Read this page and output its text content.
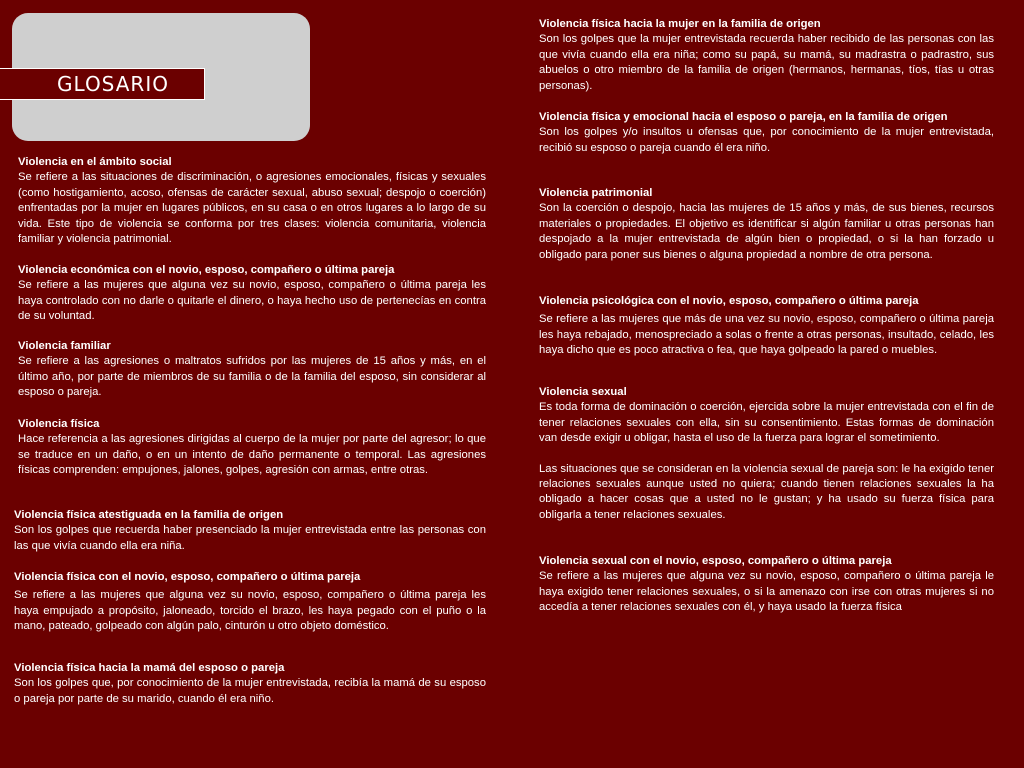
GLOSARIO
Violencia en el ámbito social
Se refiere a las situaciones de discriminación, o agresiones emocionales, físicas y sexuales (como hostigamiento, acoso, ofensas de carácter sexual, abuso sexual; despojo o coerción) enfrentadas por la mujer en lugares públicos, en su casa o en otros lugares a lo largo de su vida. Este tipo de violencia se conforma por tres clases: violencia comunitaria, violencia familiar y violencia patrimonial.
Violencia económica con el novio, esposo, compañero o última pareja
Se refiere a las mujeres que alguna vez su novio, esposo, compañero o última pareja les haya controlado con no darle o quitarle el dinero, o haya hecho uso de pertenecías en contra de su voluntad.
Violencia familiar
Se refiere a las agresiones o maltratos sufridos por las mujeres de 15 años y más, en el último año, por parte de miembros de su familia o de la familia del esposo, sin considerar al esposo o pareja.
Violencia física
Hace referencia a las agresiones dirigidas al cuerpo de la mujer por parte del agresor; lo que se traduce en un daño, o en un intento de daño permanente o temporal. Las agresiones físicas comprenden: empujones, jalones, golpes, agresión con armas, entre otras.
Violencia física atestiguada en la familia de origen
Son los golpes que recuerda haber presenciado la mujer entrevistada entre las personas con las que vivía cuando ella era niña.
Violencia física con el novio, esposo, compañero o última pareja
Se refiere a las mujeres que alguna vez su novio, esposo, compañero o última pareja les haya empujado a propósito, jaloneado, torcido el brazo, les haya pegado con el puño o la mano, pateado, golpeado con algún palo, cinturón u otro objeto doméstico.
Violencia física hacia la mamá del esposo o pareja
Son los golpes que, por conocimiento de la mujer entrevistada, recibía la mamá de su esposo o pareja por parte de su marido, cuando él era niño.
Violencia física hacia la mujer en la familia de origen
Son los golpes que la mujer entrevistada recuerda haber recibido de las personas con las que vivía cuando ella era niña; como su papá, su mamá, su madrastra o padrastro, sus abuelos o otro miembro de la familia de origen (hermanos, hermanas, tíos, tías u otras personas).
Violencia física y emocional hacia el esposo o pareja, en la familia de origen
Son los golpes y/o insultos u ofensas que, por conocimiento de la mujer entrevistada, recibió su esposo o pareja cuando él era niño.
Violencia patrimonial
Son la coerción o despojo, hacia las mujeres de 15 años y más, de sus bienes, recursos materiales o propiedades. El objetivo es identificar si algún familiar u otras personas han despojado a la mujer entrevistada de algún bien o propiedad, o si la han forzado u obligado para poner sus bienes o alguna propiedad a nombre de otra persona.
Violencia psicológica con el novio, esposo, compañero o última pareja
Se refiere a las mujeres que más de una vez su novio, esposo, compañero o última pareja les haya rebajado, menospreciado a solas o frente a otras personas, insultado, celado, les haya dicho que es poco atractiva o fea, que haya golpeado la pared o muebles.
Violencia sexual
Es toda forma de dominación o coerción, ejercida sobre la mujer entrevistada con el fin de tener relaciones sexuales con ella, sin su consentimiento. Estas formas de dominación van desde exigir u obligar, hasta el uso de la fuerza para lograr el sometimiento.
Las situaciones que se consideran en la violencia sexual de pareja son: le ha exigido tener relaciones sexuales aunque usted no quiera; cuando tienen relaciones sexuales la ha obligado a hacer cosas que a usted no le gustan; y ha usado su fuerza física para obligarla a tener relaciones sexuales.
Violencia sexual con el novio, esposo, compañero o última pareja
Se refiere a las mujeres que alguna vez su novio, esposo, compañero o última pareja le haya exigido tener relaciones sexuales, o si la amenazo con irse con otras mujeres si no accedía a tener relaciones sexuales con él, y haya usado la fuerza física
